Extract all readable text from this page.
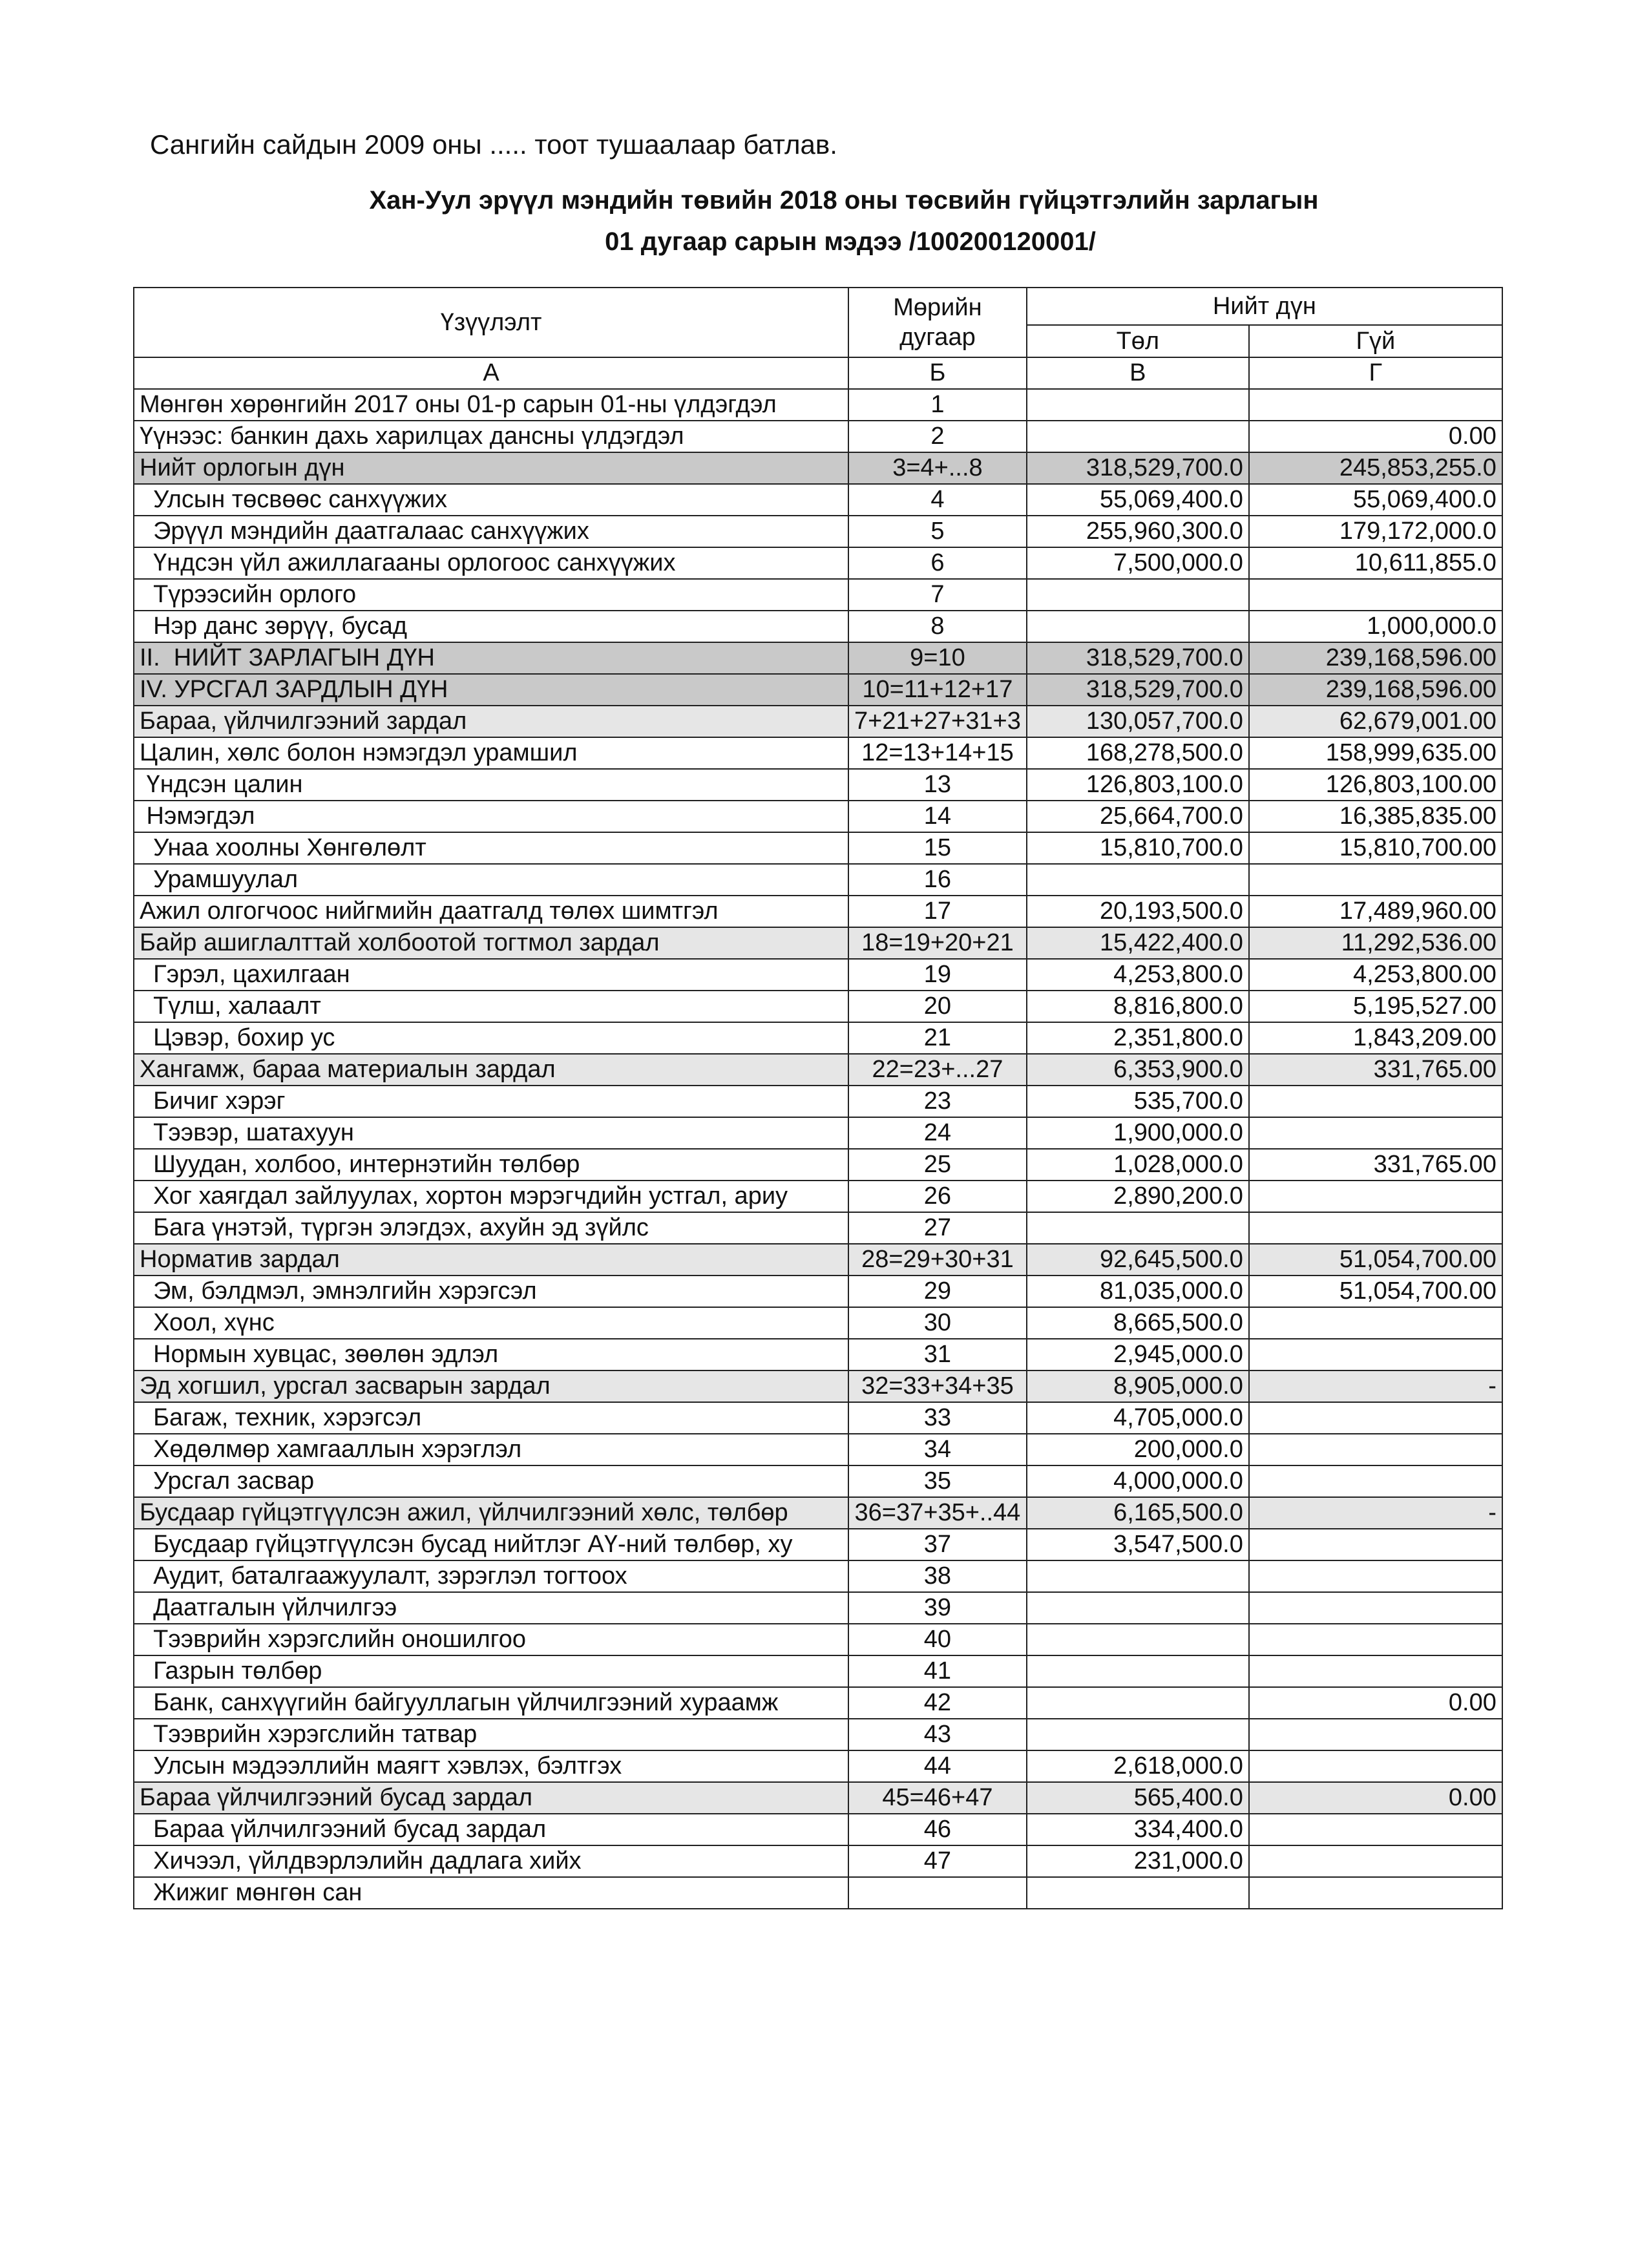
Сангийн сайдын 2009 оны ..... тоот тушаалаар батлав.
Хан-Уул эрүүл мэндийн төвийн 2018 оны төсвийн гүйцэтгэлийн зарлагын
01 дугаар сарын мэдээ /100200120001/
Үзүүлэлт	Мөрийн дугаар	Нийт дүн	
		Төл	Гүй
А	Б	В	Г
Мөнгөн хөрөнгийн 2017 оны 01-р сарын 01-ны үлдэгдэл	1		
Үүнээс: банкин дахь харилцах дансны үлдэгдэл	2		0.00
Нийт орлогын дүн	3=4+...8	318,529,700.0	245,853,255.0
Улсын төсвөөс санхүүжих	4	55,069,400.0	55,069,400.0
Эрүүл мэндийн даатгалаас санхүүжих	5	255,960,300.0	179,172,000.0
Үндсэн үйл ажиллагааны орлогоос санхүүжих	6	7,500,000.0	10,611,855.0
Түрээсийн орлого	7		
Нэр данс зөрүү, бусад	8		1,000,000.0
II.  НИЙТ ЗАРЛАГЫН ДҮН	9=10	318,529,700.0	239,168,596.00
IV. УРСГАЛ ЗАРДЛЫН ДҮН	10=11+12+17	318,529,700.0	239,168,596.00
Бараа, үйлчилгээний зардал	7+21+27+31+3	130,057,700.0	62,679,001.00
Цалин, хөлс болон нэмэгдэл урамшил	12=13+14+15	168,278,500.0	158,999,635.00
Үндсэн цалин	13	126,803,100.0	126,803,100.00
Нэмэгдэл	14	25,664,700.0	16,385,835.00
Унаа хоолны Хөнгөлөлт	15	15,810,700.0	15,810,700.00
Урамшуулал	16		
Ажил олгогчоос нийгмийн даатгалд төлөх шимтгэл	17	20,193,500.0	17,489,960.00
Байр ашиглалттай холбоотой тогтмол зардал	18=19+20+21	15,422,400.0	11,292,536.00
Гэрэл, цахилгаан	19	4,253,800.0	4,253,800.00
Түлш, халаалт	20	8,816,800.0	5,195,527.00
Цэвэр, бохир ус	21	2,351,800.0	1,843,209.00
Хангамж, бараа материалын зардал	22=23+...27	6,353,900.0	331,765.00
Бичиг хэрэг	23	535,700.0	
Тээвэр, шатахуун	24	1,900,000.0	
Шуудан, холбоо, интернэтийн төлбөр	25	1,028,000.0	331,765.00
Хог хаягдал зайлуулах, хортон мэрэгчдийн устгал, ариу	26	2,890,200.0	
Бага үнэтэй, түргэн элэгдэх, ахуйн эд зүйлс	27		
Норматив зардал	28=29+30+31	92,645,500.0	51,054,700.00
Эм, бэлдмэл, эмнэлгийн хэрэгсэл	29	81,035,000.0	51,054,700.00
Хоол, хүнс	30	8,665,500.0	
Нормын хувцас, зөөлөн эдлэл	31	2,945,000.0	
Эд хогшил, урсгал засварын зардал	32=33+34+35	8,905,000.0	-
Багаж, техник, хэрэгсэл	33	4,705,000.0	
Хөдөлмөр хамгааллын хэрэглэл	34	200,000.0	
Урсгал засвар	35	4,000,000.0	
Бусдаар гүйцэтгүүлсэн ажил, үйлчилгээний хөлс, төлбөр	36=37+35+..44	6,165,500.0	-
Бусдаар гүйцэтгүүлсэн бусад нийтлэг АҮ-ний төлбөр, ху	37	3,547,500.0	
Аудит, баталгаажуулалт, зэрэглэл тогтоох	38		
Даатгалын үйлчилгээ	39		
Тээврийн хэрэгслийн оношилгоо	40		
Газрын төлбөр	41		
Банк, санхүүгийн байгууллагын үйлчилгээний хураамж	42		0.00
Тээврийн хэрэгслийн татвар	43		
Улсын мэдээллийн маягт хэвлэх, бэлтгэх	44	2,618,000.0	
Бараа үйлчилгээний бусад зардал	45=46+47	565,400.0	0.00
Бараа үйлчилгээний бусад зардал	46	334,400.0	
Хичээл, үйлдвэрлэлийн дадлага хийх	47	231,000.0	
Жижиг мөнгөн сан			
